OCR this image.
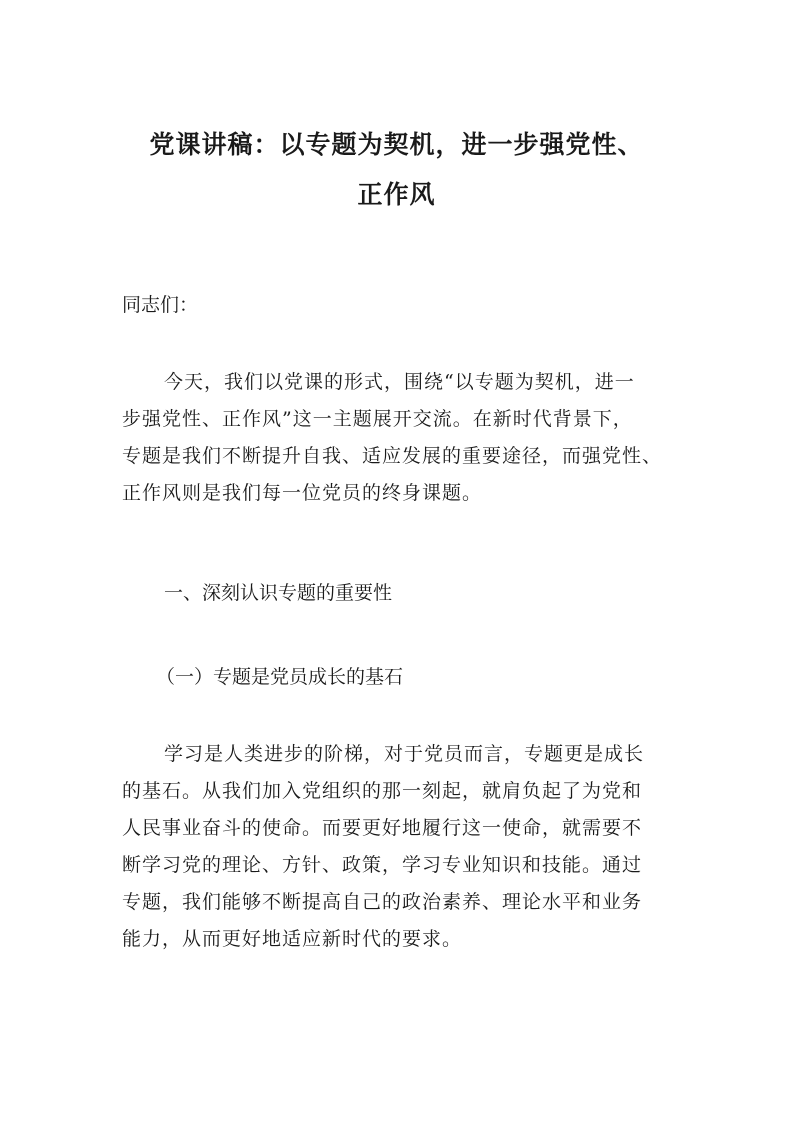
党课讲稿：以专题为契机，进一步强党性、
正作风
同志们：
今天，我们以党课的形式，围绕“以专题为契机，进一
步强党性、正作风”这一主题展开交流。在新时代背景下，
专题是我们不断提升自我、适应发展的重要途径，而强党性、
正作风则是我们每一位党员的终身课题。
一、深刻认识专题的重要性
（一）专题是党员成长的基石
学习是人类进步的阶梯，对于党员而言，专题更是成长
的基石。从我们加入党组织的那一刻起，就肩负起了为党和
人民事业奋斗的使命。而要更好地履行这一使命，就需要不
断学习党的理论、方针、政策，学习专业知识和技能。通过
专题，我们能够不断提高自己的政治素养、理论水平和业务
能力，从而更好地适应新时代的要求。
